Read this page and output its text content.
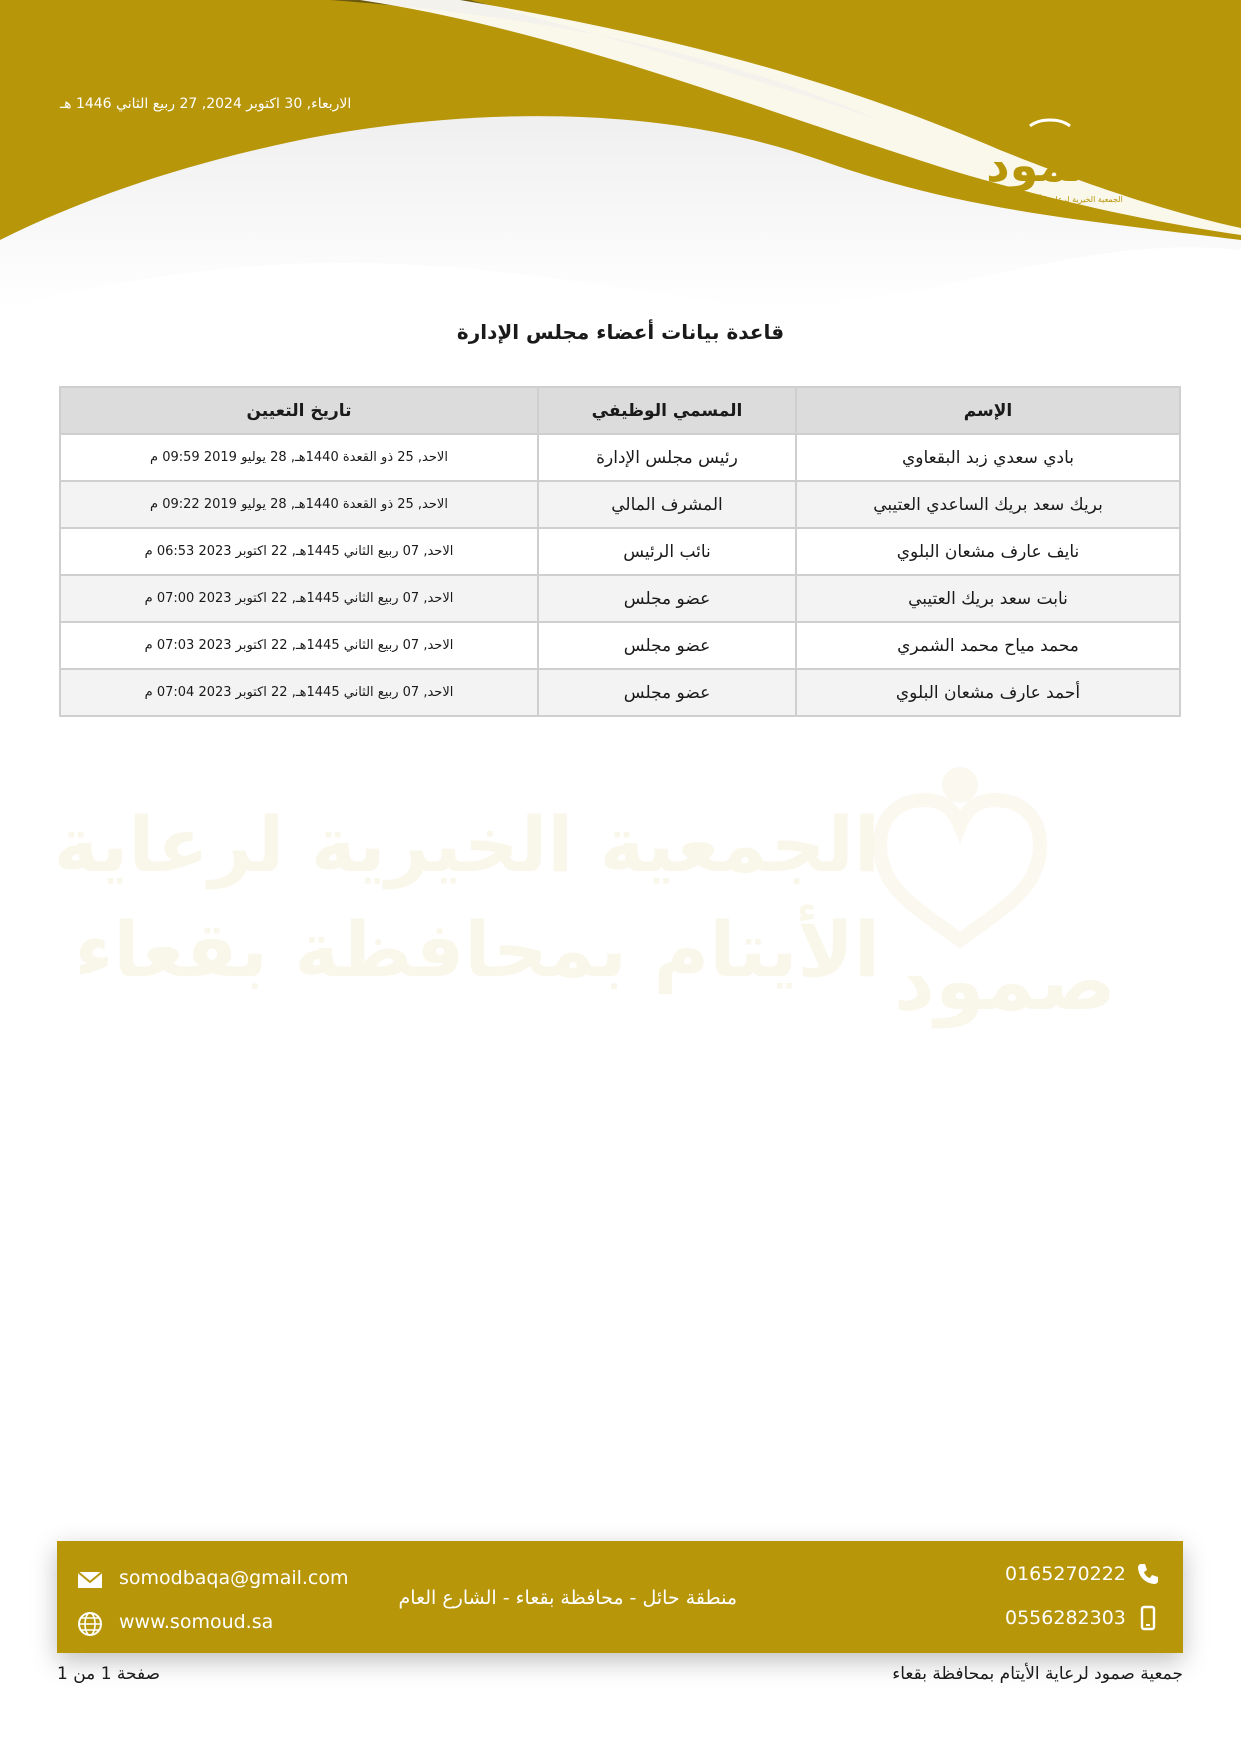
الاربعاء, 30 اكتوبر 2024, 27 ربيع الثاني 1446 هـ
صمود
الجمعية الخيرية لرعاية الأيتام بمحافظة بقعاء
قاعدة بيانات أعضاء مجلس الإدارة
الجمعية الخيرية لرعاية
الأيتام بمحافظة بقعاء صمود
الإسم	المسمي الوظيفي	تاريخ التعيين
بادي سعدي زبد البقعاوي	رئيس مجلس الإدارة	الاحد, 25 ذو القعدة 1440هـ, 28 يوليو 2019 09:59 م
بريك سعد بريك الساعدي العتيبي	المشرف المالي	الاحد, 25 ذو القعدة 1440هـ, 28 يوليو 2019 09:22 م
نايف عارف مشعان البلوي	نائب الرئيس	الاحد, 07 ربيع الثاني 1445هـ, 22 اكتوبر 2023 06:53 م
نابت سعد بريك العتيبي	عضو مجلس	الاحد, 07 ربيع الثاني 1445هـ, 22 اكتوبر 2023 07:00 م
محمد مياح محمد الشمري	عضو مجلس	الاحد, 07 ربيع الثاني 1445هـ, 22 اكتوبر 2023 07:03 م
أحمد عارف مشعان البلوي	عضو مجلس	الاحد, 07 ربيع الثاني 1445هـ, 22 اكتوبر 2023 07:04 م
somodbaqa@gmail.com
www.somoud.sa
منطقة حائل - محافظة بقعاء - الشارع العام
0165270222
0556282303
جمعية صمود لرعاية الأيتام بمحافظة بقعاء
صفحة 1 من 1
